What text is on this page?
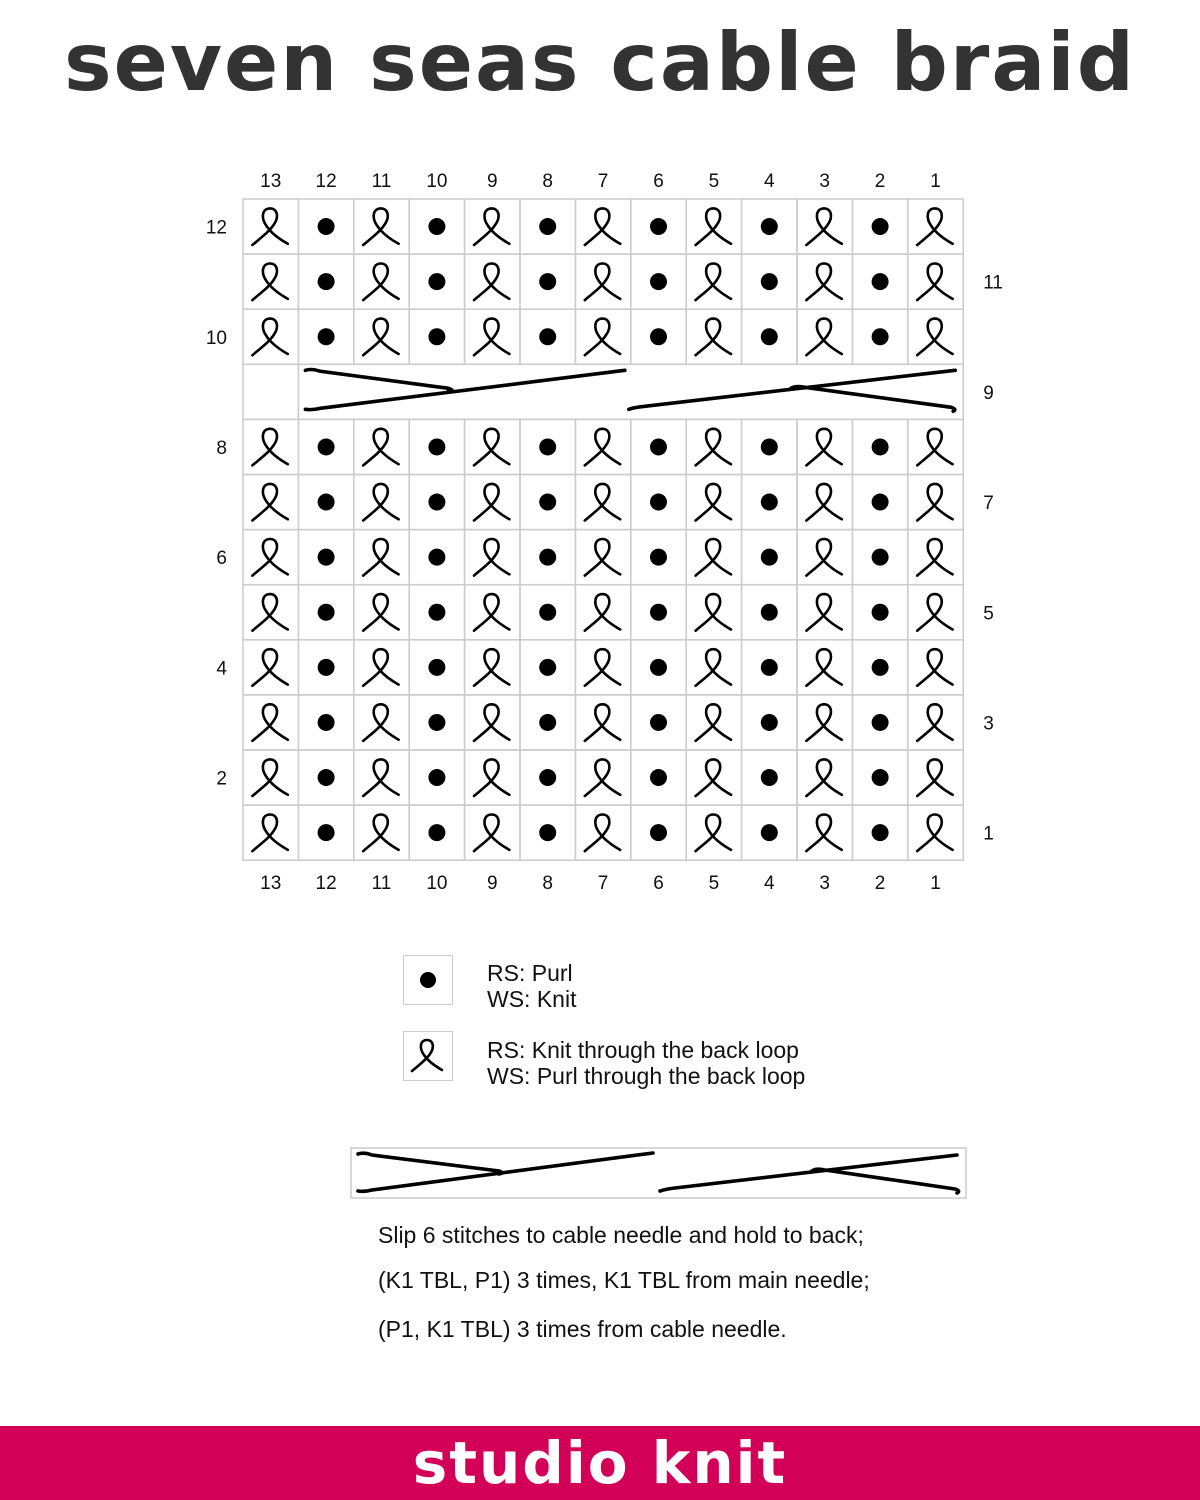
seven seas cable braid
13 12 11 10 9 8 7 6 5 4 3 2 1
12
11
10
9
8
7
6
5
4
3
2
1
13 12 11 10 9 8 7 6 5 4 3 2 1
RS: Purl
WS: Knit
RS: Knit through the back loop
WS: Purl through the back loop
Slip 6 stitches to cable needle and hold to back;
(K1 TBL, P1) 3 times, K1 TBL from main needle;
(P1, K1 TBL) 3 times from cable needle.
studio knit
